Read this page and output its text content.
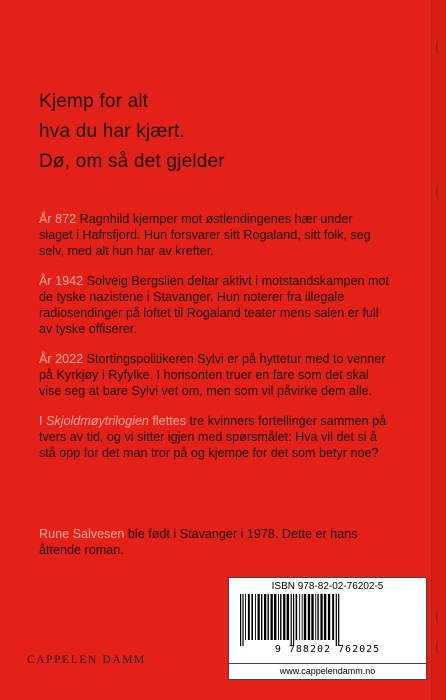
Kjemp for alt
hva du har kjært.
Dø, om så det gjelder

År 872 Ragnhild kjemper mot østlendingenes hær under slaget i Hafrsfjord. Hun forsvarer sitt Rogaland, sitt folk, seg selv, med alt hun har av krefter.

År 1942 Solveig Bergslien deltar aktivt i motstandskampen mot de tyske nazistene i Stavanger. Hun noterer fra illegale radiosendinger på loftet til Rogaland teater mens salen er full av tyske offiserer.

År 2022 Stortingspolitikeren Sylvi er på hyttetur med to venner på Kyrkjøy i Ryfylke. I horisonten truer en fare som det skal vise seg at bare Sylvi vet om, men som vil påvirke dem alle.

I Skjoldmøytrilogien flettes tre kvinners fortellinger sammen på tvers av tid, og vi sitter igjen med spørsmålet: Hva vil det si å stå opp for det man tror på og kjempe for det som betyr noe?

Rune Salvesen ble født i Stavanger i 1978. Dette er hans åttende roman.
ISBN 978-82-02-76202-5
9 788202 762025
www.cappelendamm.no
CAPPELEN DAMM
